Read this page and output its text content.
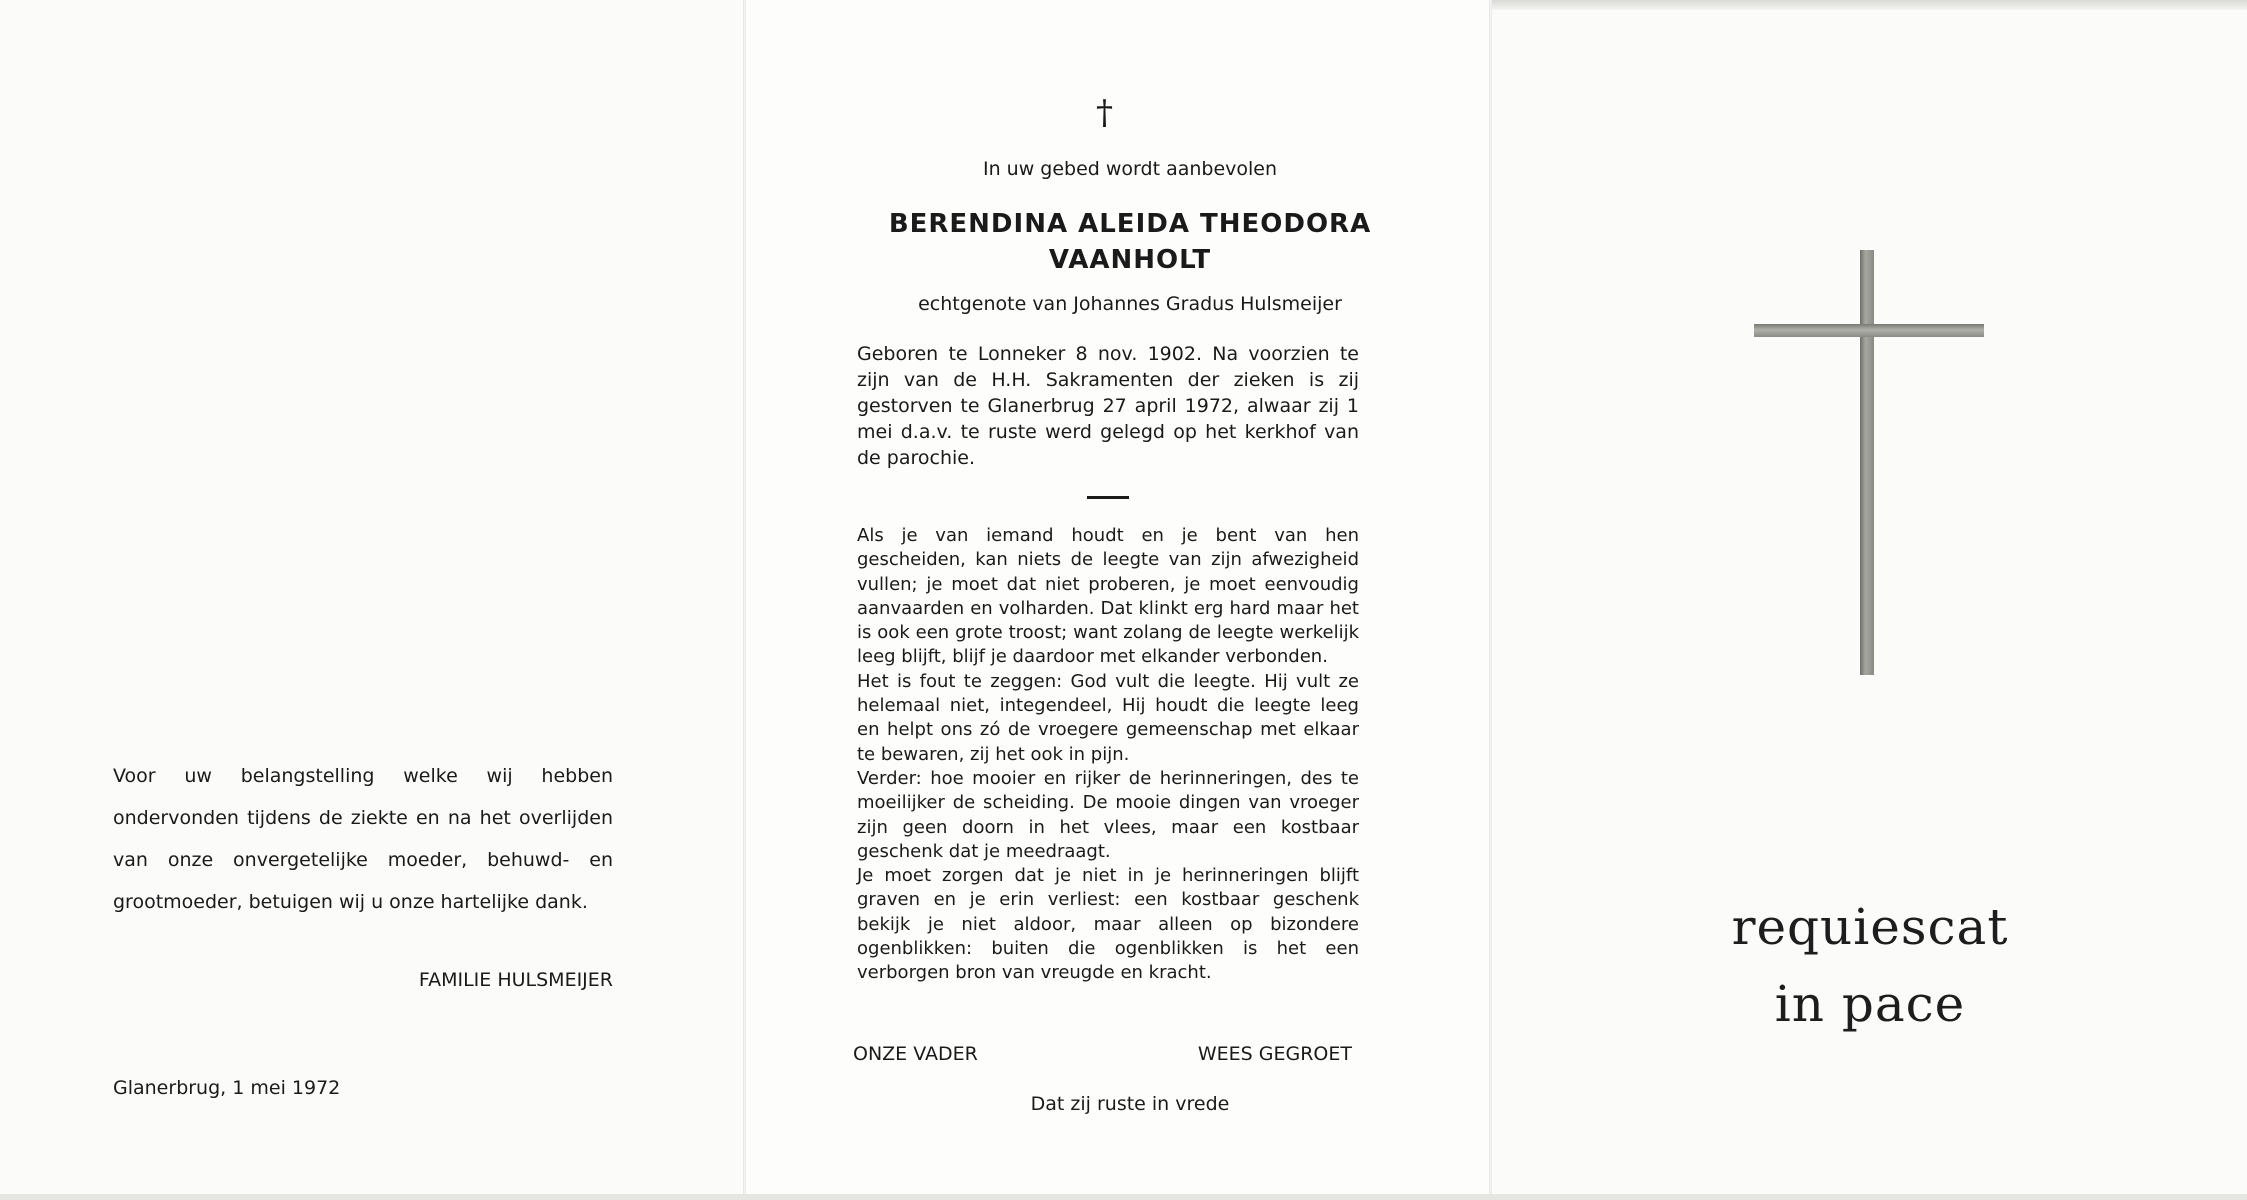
Voor uw belangstelling welke wij hebben ondervonden tijdens de ziekte en na het overlijden van onze onvergetelijke moeder, behuwd- en grootmoeder, betuigen wij u onze hartelijke dank.
FAMILIE HULSMEIJER
Glanerbrug, 1 mei 1972
†
In uw gebed wordt aanbevolen
BERENDINA ALEIDA THEODORA
VAANHOLT
echtgenote van Johannes Gradus Hulsmeijer
Geboren te Lonneker 8 nov. 1902. Na voorzien te zijn van de H.H. Sakramenten der zieken is zij gestorven te Glanerbrug 27 april 1972, alwaar zij 1 mei d.a.v. te ruste werd gelegd op het kerkhof van de parochie.

Als je van iemand houdt en je bent van hen gescheiden, kan niets de leegte van zijn afwezigheid vullen; je moet dat niet proberen, je moet eenvoudig aanvaarden en volharden. Dat klinkt erg hard maar het is ook een grote troost; want zolang de leegte werkelijk leeg blijft, blijf je daardoor met elkander verbonden.

Het is fout te zeggen: God vult die leegte. Hij vult ze helemaal niet, integendeel, Hij houdt die leegte leeg en helpt ons zó de vroegere gemeenschap met elkaar te bewaren, zij het ook in pijn.

Verder: hoe mooier en rijker de herinneringen, des te moeilijker de scheiding. De mooie dingen van vroeger zijn geen doorn in het vlees, maar een kostbaar geschenk dat je meedraagt.

Je moet zorgen dat je niet in je herinneringen blijft graven en je erin verliest: een kostbaar geschenk bekijk je niet aldoor, maar alleen op bizondere ogenblikken: buiten die ogenblikken is het een verborgen bron van vreugde en kracht.

ONZE VADER	WEES GEGROET
Dat zij ruste in vrede
requiescat
in pace
